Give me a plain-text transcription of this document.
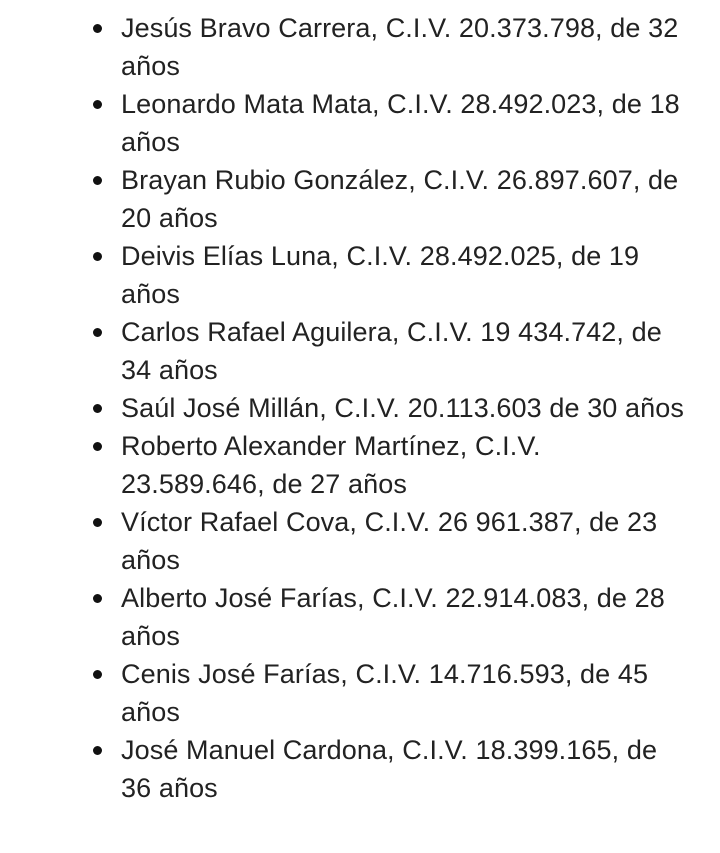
Jesús Bravo Carrera, C.I.V. 20.373.798, de 32 años
Leonardo Mata Mata, C.I.V. 28.492.023, de 18 años
Brayan Rubio González, C.I.V. 26.897.607, de 20 años
Deivis Elías Luna, C.I.V. 28.492.025, de 19 años
Carlos Rafael Aguilera, C.I.V. 19 434.742, de 34 años
Saúl José Millán, C.I.V. 20.113.603 de 30 años
Roberto Alexander Martínez, C.I.V. 23.589.646, de 27 años
Víctor Rafael Cova, C.I.V. 26 961.387, de 23 años
Alberto José Farías, C.I.V. 22.914.083, de 28 años
Cenis José Farías, C.I.V. 14.716.593, de 45 años
José Manuel Cardona, C.I.V. 18.399.165, de 36 años
